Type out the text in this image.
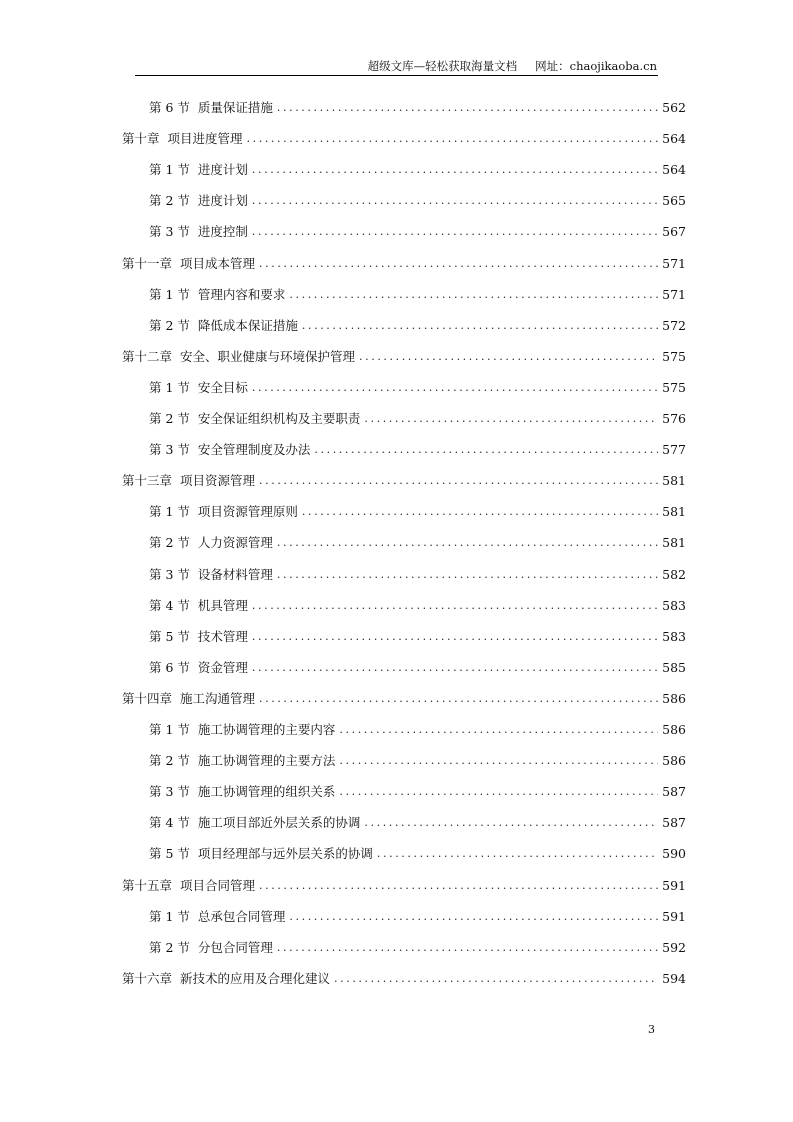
超级文库—轻松获取海量文档 网址：chaojikaoba.cn
第 6 节 质量保证措施 .....	562
第十章 项目进度管理 .....	564
第 1 节 进度计划 .....	564
第 2 节 进度计划 .....	565
第 3 节 进度控制 .....	567
第十一章 项目成本管理 .....	571
第 1 节 管理内容和要求 .....	571
第 2 节 降低成本保证措施 .....	572
第十二章 安全、职业健康与环境保护管理 .....	575
第 1 节 安全目标 .....	575
第 2 节 安全保证组织机构及主要职责 .....	576
第 3 节 安全管理制度及办法 .....	577
第十三章 项目资源管理 .....	581
第 1 节 项目资源管理原则 .....	581
第 2 节 人力资源管理 .....	581
第 3 节 设备材料管理 .....	582
第 4 节 机具管理 .....	583
第 5 节 技术管理 .....	583
第 6 节 资金管理 .....	585
第十四章 施工沟通管理 .....	586
第 1 节 施工协调管理的主要内容 .....	586
第 2 节 施工协调管理的主要方法 .....	586
第 3 节 施工协调管理的组织关系 .....	587
第 4 节 施工项目部近外层关系的协调 .....	587
第 5 节 项目经理部与远外层关系的协调 .....	590
第十五章 项目合同管理 .....	591
第 1 节 总承包合同管理 .....	591
第 2 节 分包合同管理 .....	592
第十六章 新技术的应用及合理化建议 .....	594
3
